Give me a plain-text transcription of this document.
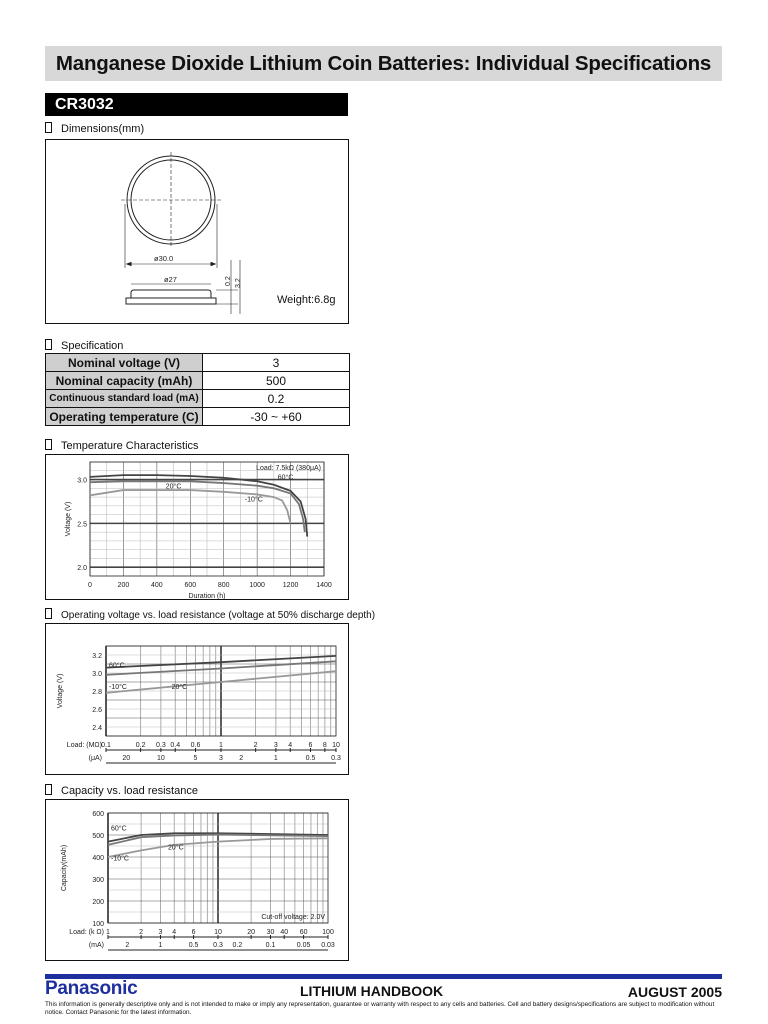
Manganese Dioxide Lithium Coin Batteries: Individual Specifications
CR3032
Dimensions(mm)
ø30.0
ø27	0.2 3.2
Weight:6.8g
Specification
Nominal voltage (V)	3
Nominal capacity (mAh)	500
Continuous standard load (mA)	0.2
Operating temperature (C)	-30 ~ +60
Temperature Characteristics
0	200	400	600	800	1000	1200	1400
2.0
2.5
3.0
Duration (h)
Voltage (V)
60°C
20°C
-10°C
Load: 7.5kΩ (380μA)
Operating voltage vs. load resistance (voltage at 50% discharge depth)
2.4
2.6
2.8
3.0
3.2
Voltage (V)
Load: (MΩ) 0.1	0.2 0.3 0.4 0.6	1	2 3 4 6 8 10
(μA)	20	10	5	3 2	1	0.5 0.3
60°C
-10°C	20°C
Capacity vs. load resistance
100
200
300
400
500
600
Capacity(mAh)
Load: (k Ω) 1	2 3 4 6	10	20 30 40 60 100
(mA)	2	1	0.5 0.3 0.2	0.1	0.05 0.03
60°C
-10°C
20°C
Cut-off voltage: 2.0V
Panasonic	LITHIUM HANDBOOK	AUGUST 2005
This information is generally descriptive only and is not intended to make or imply any representation, guarantee or warranty with respect to any cells and batteries. Cell and battery designs/specifications are subject to modification without notice. Contact Panasonic for the latest information.
